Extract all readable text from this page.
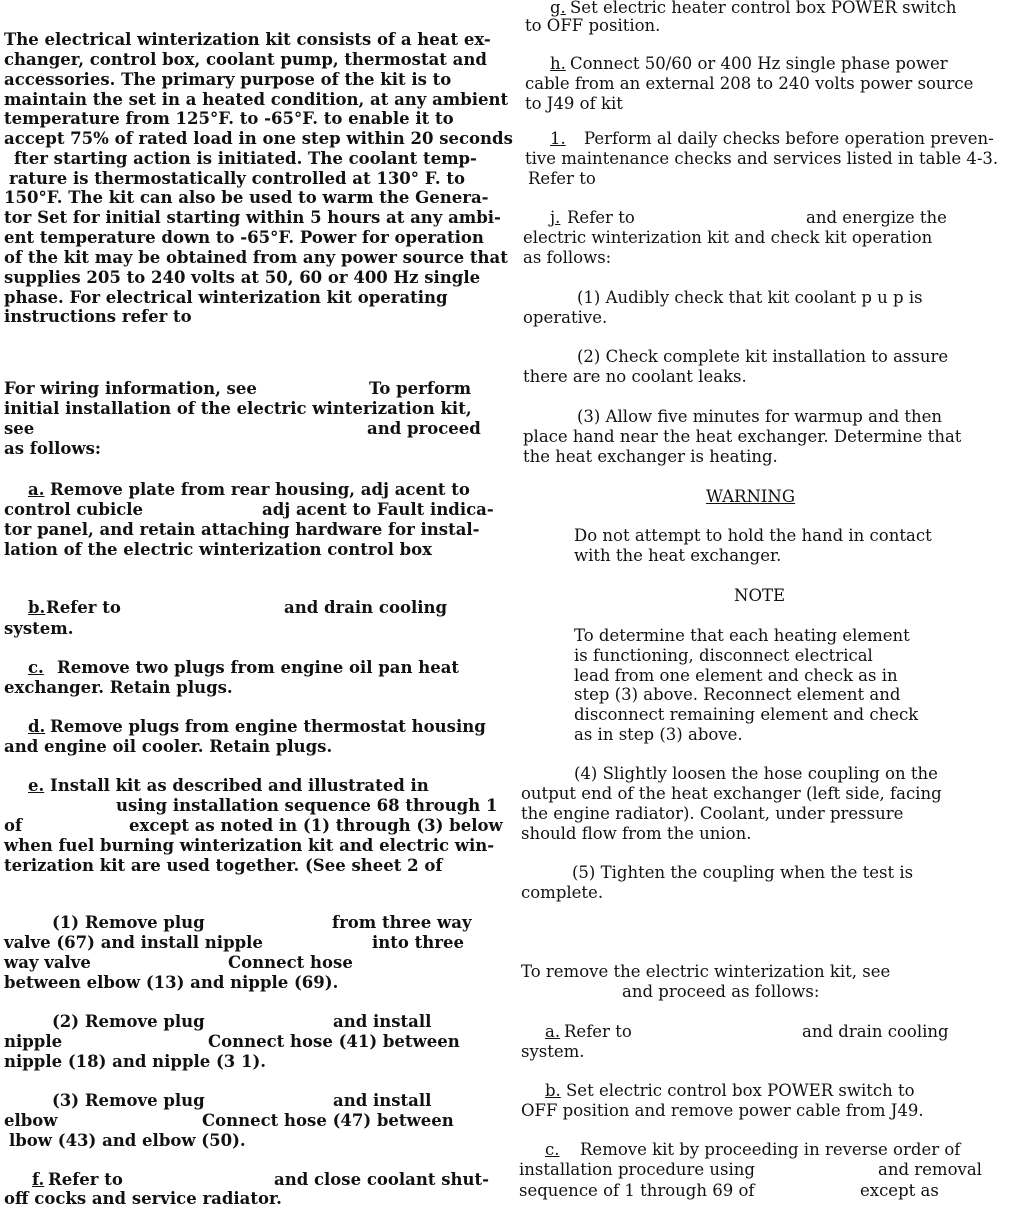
The electrical winterization kit consists of a heat ex-

changer, control box, coolant pump, thermostat and

accessories. The primary purpose of the kit is to

maintain the set in a heated condition, at any ambient

temperature from 125°F. to -65°F. to enable it to

accept 75% of rated load in one step within 20 seconds

fter starting action is initiated. The coolant temp-

rature is thermostatically controlled at 130° F. to

150°F. The kit can also be used to warm the Genera-

tor Set for initial starting within 5 hours at any ambi-

ent temperature down to -65°F. Power for operation

of the kit may be obtained from any power source that

supplies 205 to 240 volts at 50, 60 or 400 Hz single

phase. For electrical winterization kit operating

instructions refer to

For wiring information, see	To perform

initial installation of the electric winterization kit,

see	and proceed

as follows:

a. Remove plate from rear housing, adj acent to

control cubicle	adj acent to Fault indica-

tor panel, and retain attaching hardware for instal-

lation of the electric winterization control box

b. Refer to	and drain cooling

system.

c. Remove two plugs from engine oil pan heat

exchanger. Retain plugs.

d. Remove plugs from engine thermostat housing

and engine oil cooler. Retain plugs.

e. Install kit as described and illustrated in

using installation sequence 68 through 1

of	except as noted in (1) through (3) below

when fuel burning winterization kit and electric win-

terization kit are used together. (See sheet 2 of

(1) Remove plug	from three way

valve (67) and install nipple	into three

way valve	Connect hose

between elbow (13) and nipple (69).

(2) Remove plug	and install

nipple	Connect hose (41) between

nipple (18) and nipple (3 1).

(3) Remove plug	and install

elbow	Connect hose (47) between

lbow (43) and elbow (50).

f. Refer to	and close coolant shut-

off cocks and service radiator.

g. Set electric heater control box POWER switch

to OFF position.

h. Connect 50/60 or 400 Hz single phase power

cable from an external 208 to 240 volts power source

to J49 of kit

1. Perform al daily checks before operation preven-

tive maintenance checks and services listed in table 4-3.

Refer to

j. Refer to	and energize the

electric winterization kit and check kit operation

as follows:

(1) Audibly check that kit coolant p u p is

operative.

(2) Check complete kit installation to assure

there are no coolant leaks.

(3) Allow five minutes for warmup and then

place hand near the heat exchanger. Determine that

the heat exchanger is heating.

WARNING

Do not attempt to hold the hand in contact

with the heat exchanger.

NOTE

To determine that each heating element

is functioning, disconnect electrical

lead from one element and check as in

step (3) above. Reconnect element and

disconnect remaining element and check

as in step (3) above.

(4) Slightly loosen the hose coupling on the

output end of the heat exchanger (left side, facing

the engine radiator). Coolant, under pressure

should flow from the union.

(5) Tighten the coupling when the test is

complete.

To remove the electric winterization kit, see

and proceed as follows:

a. Refer to	and drain cooling

system.

b. Set electric control box POWER switch to

OFF position and remove power cable from J49.

c. Remove kit by proceeding in reverse order of

installation procedure using	and removal

sequence of 1 through 69 of	except as
